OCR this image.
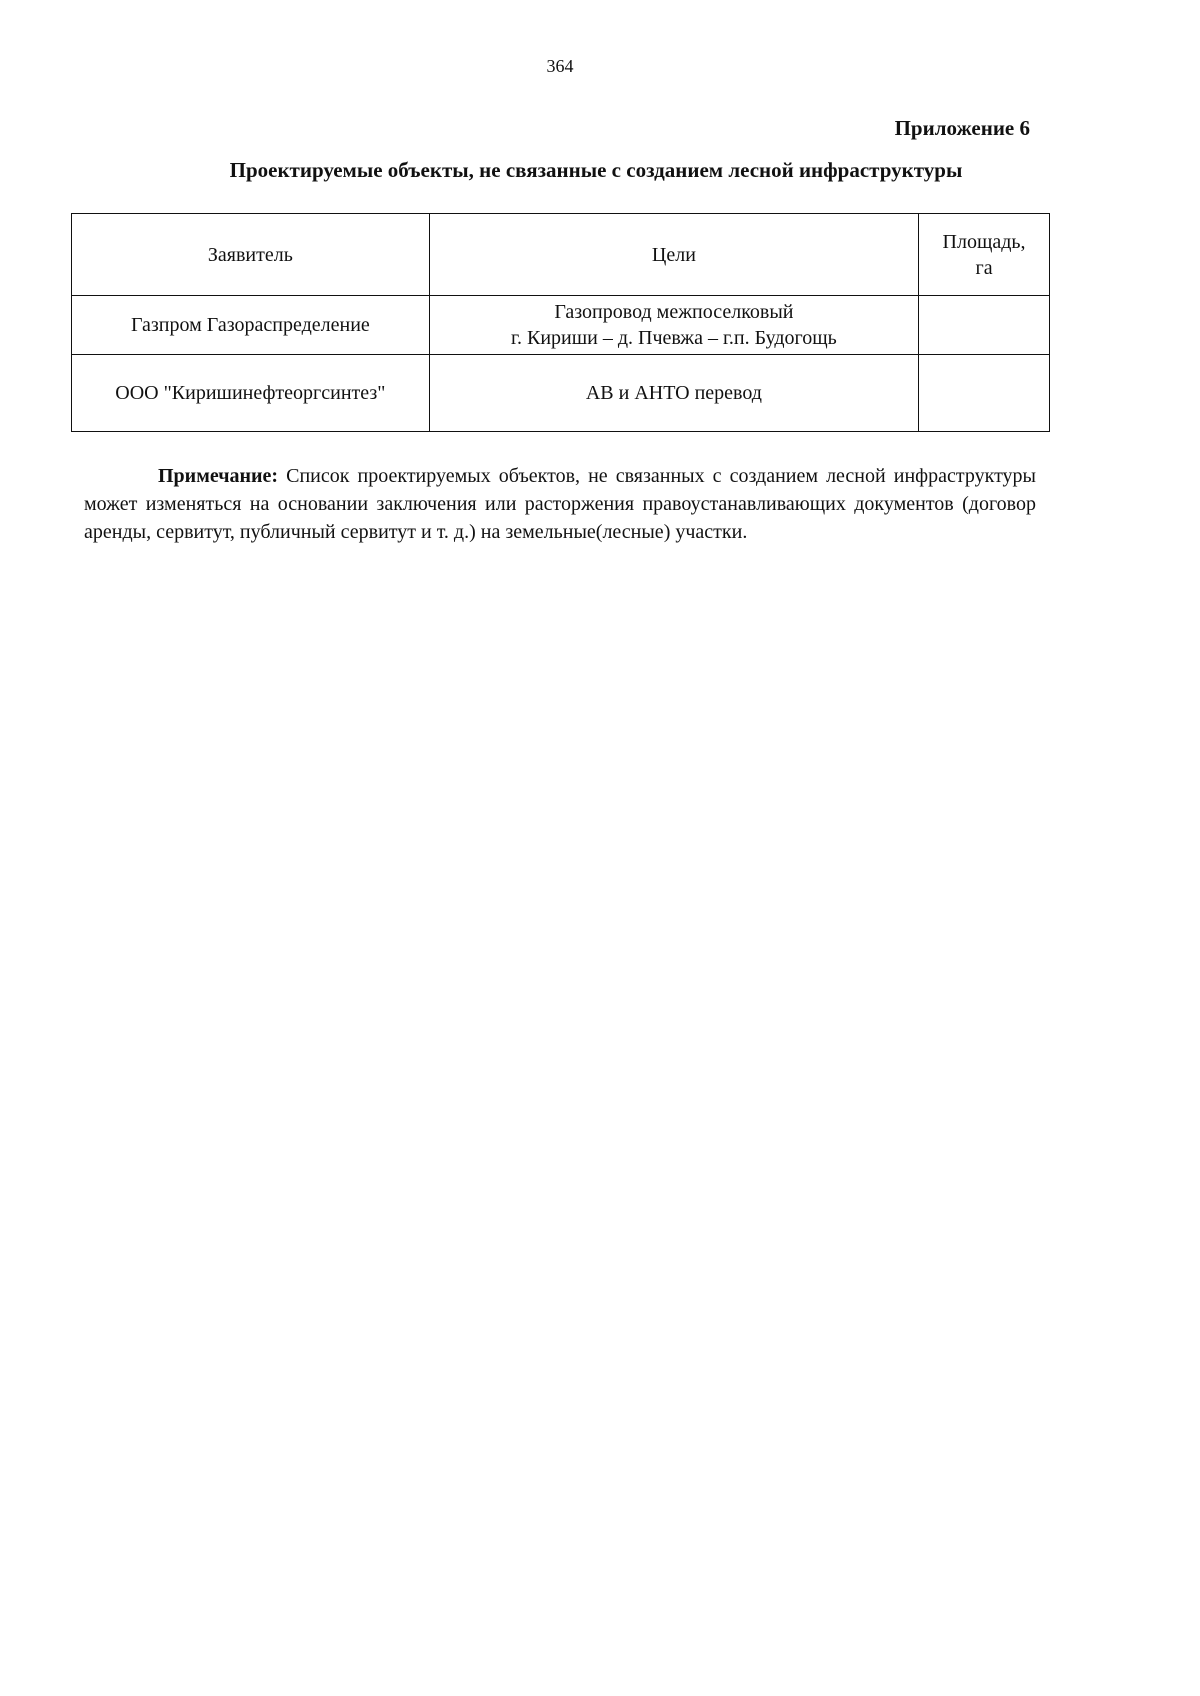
364
Приложение 6
Проектируемые объекты, не связанные с созданием лесной инфраструктуры
Заявитель	Цели	Площадь,
га

Газпром Газораспределение	Газопровод межпоселковый
г. Кириши – д. Пчевжа – г.п. Будогощь	

ООО "Киришинефтеоргсинтез"	АВ и АНТО перевод	
Примечание: Список проектируемых объектов, не связанных с созданием лесной инфраструктуры может изменяться на основании заключения или расторжения правоустанавливающих документов (договор аренды, сервитут, публичный сервитут и т. д.) на земельные(лесные) участки.
